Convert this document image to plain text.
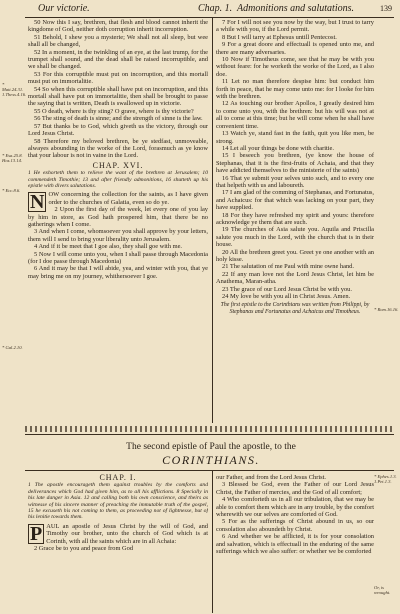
Our victorie.	Chap. 1. Admonitions and salutations.	139
* Matt.24.31. 1.Thess.4.16.
* Esa.25.8. Hos.13.14.
* Ecc.8.6.
* Gal.2.10.
* Rom.16.16.

50 Now this I say, brethren, that flesh and blood cannot inherit the kingdome of God, neither doth corruption inherit incorruption.

51 Behold, I shew you a mysterie; We shall not all sleep, but wee shall all be changed,

52 In a moment, in the twinkling of an eye, at the last trump, for the trumpet shall sound, and the dead shall be raised incorruptible, and we shall be changed.

53 For this corruptible must put on incorruption, and this mortall must put on immortalitie.

54 So when this corruptible shall have put on incorruption, and this mortall shall have put on immortalitie, then shall be brought to passe the saying that is written, Death is swallowed up in victorie.

55 O death, where is thy sting? O grave, where is thy victorie?

56 The sting of death is sinne; and the strength of sinne is the law.

57 But thanks be to God, which giveth us the victory, through our Lord Jesus Christ.

58 Therefore my beloved brethren, be ye stedfast, unmoveable, alwayes abounding in the worke of the Lord, forasmuch as ye know that your labour is not in vaine in the Lord.

CHAP. XVI.
1 He exhorteth them to relieve the want of the brethren at Jerusalem; 10 commendeth Timothie; 13 and after friendly admonitions, 16 shutteth up his epistle with divers salutations.
N OW concerning the collection for the saints, as I have given order to the churches of Galatia, even so do ye.

2 Upon the first day of the week, let every one of you lay by him in store, as God hath prospered him, that there be no gatherings when I come.

3 And when I come, whomsoever you shall approve by your letters, them will I send to bring your liberality unto Jerusalem.

4 And if it be meet that I goe also, they shall goe with me.

5 Now I will come unto you, when I shall passe through Macedonia (for I doe passe through Macedonia)

6 And it may be that I will abide, yea, and winter with you, that ye may bring me on my journey, whithersoever I goe.

7 For I will not see you now by the way, but I trust to tarry a while with you, if the Lord permit.

8 But I will tarry at Ephesus untill Pentecost.

9 For a great doore and effectuall is opened unto me, and there are many adversaries.

10 Now if Timotheus come, see that he may be with you without feare: for he worketh the worke of the Lord, as I also doe.

11 Let no man therefore despise him: but conduct him forth in peace, that he may come unto me: for I looke for him with the brethren.

12 As touching our brother Apollos, I greatly desired him to come unto you, with the brethren: but his will was not at all to come at this time; but he will come when he shall have convenient time.

13 Watch ye, stand fast in the faith, quit you like men, be strong.

14 Let all your things be done with charitie.

15 I beseech you brethren, (ye know the house of Stephanas, that it is the first-fruits of Achaia, and that they have addicted themselves to the ministerie of the saints)

16 That ye submit your selves unto such, and to every one that helpeth with us and laboureth.

17 I am glad of the comming of Stephanas, and Fortunatus, and Achaicus: for that which was lacking on your part, they have supplied.

18 For they have refreshed my spirit and yours: therefore acknowledge ye them that are such.

19 The churches of Asia salute you. Aquila and Priscilla salute you much in the Lord, with the church that is in their house.

20 All the brethren greet you. Greet ye one another with an holy kisse.

21 The salutation of me Paul with mine owne hand.

22 If any man love not the Lord Jesus Christ, let him be Anathema, Maran-atha.

23 The grace of our Lord Jesus Christ be with you.

24 My love be with you all in Christ Jesus. Amen.

The first epistle to the Corinthians was written from Philippi, by Stephanas and Fortunatus and Achaicus and Timotheus.
The second epistle of Paul the apostle, to the
CORINTHIANS.
* Ephes.1.3. 1.Pet.1.3.
Or, is wrought.
CHAP. I.
1 The apostle encourageth them against troubles by the comforts and deliverances which God had given him, as to all his afflictions. 8 Specially in his late danger in Asia. 12 and calling both his own conscience, and theirs as witnesse of his sincere manner of preaching the immutable truth of the gospel, 15 he excuseth his not coming to them, as proceeding not of lightnesse, but of his lenitie towards them.
P AUL an apostle of Jesus Christ by the will of God, and Timothy our brother, unto the church of God which is at Corinth, with all the saints which are in all Achaia:

2 Grace be to you and peace from God

our Father, and from the Lord Jesus Christ.

3 Blessed be God, even the Father of our Lord Jesus Christ, the Father of mercies, and the God of all comfort;

4 Who comforteth us in all our tribulation, that we may be able to comfort them which are in any trouble, by the comfort wherewith we our selves are comforted of God.

5 For as the sufferings of Christ abound in us, so our consolation also aboundeth by Christ.

6 And whether we be afflicted, it is for your consolation and salvation, which is effectuall in the enduring of the same sufferings which we also suffer: or whether we be comforted
